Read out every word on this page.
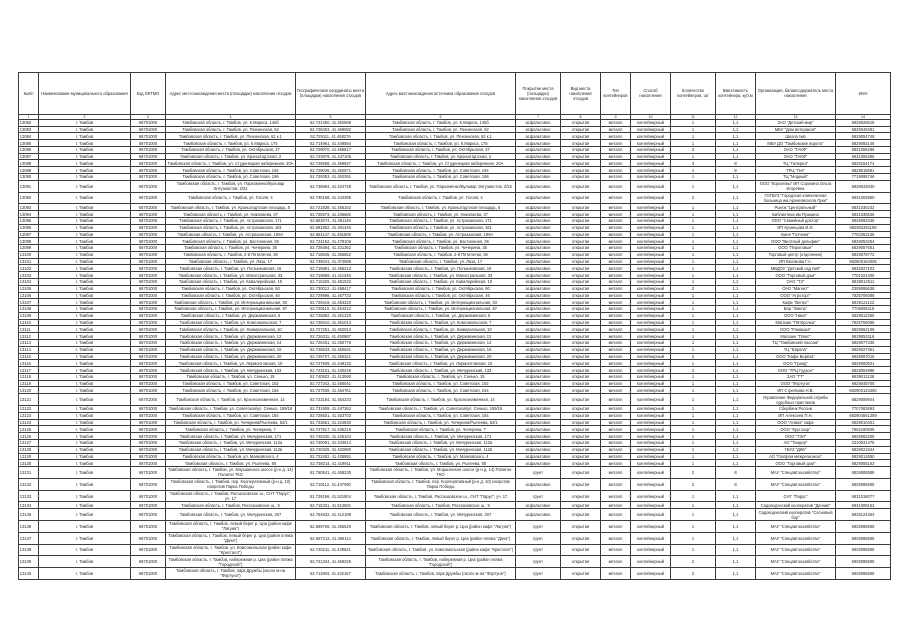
№п/п	Наименование муниципального образования	Код ОКТМО	Адрес местонахождения места (площадки) накопления отходов	Географические координаты места (площадки) накопления отходов	Адрес местонахождения источника образования отходов	Покрытие места (площадки) накопления отходов	Вид места накопления отходов	Тип контейнеров	Способ накопления	Количество контейнеров, шт	Вместимость контейнера, куб.м	Организация, балансодержатель места накопления	ИНН
1	2	3	4	5	6	7	8	9	10	11	12	13	14
13082	г. Тамбов	68701000	Тамбовская область, г. Тамбов, ул. К.Маркса, 145б	52.721350, 41.452688	Тамбовская область, г. Тамбов, ул. К.Маркса, 145б	асфальтовое	открытая	металл	контейнерный	1	1,1	ЗАО "Детский мир"	6829026618
13083	г. Тамбов	68701000	Тамбовская область, г. Тамбов, ул. Пензенская, 62	52.728403, 41.469082	Тамбовская область, г. Тамбов, ул. Пензенская, 62	асфальтовое	открытая	металл	контейнерный	1	1,1	МБУ "Дом ветеранов"	6829049481
13084	г. Тамбов	68701000	Тамбовская область, г. Тамбов, ул. Пензенская, 62 к.1	52.729111, 41.468276	Тамбовская область, г. Тамбов, ул. Пензенская, 62 к.1	асфальтовое	открытая	металл	контейнерный	1	1,1	Школа №5	6829054749
13085	г. Тамбов	68701000	Тамбовская область, г. Тамбов, ул. К.Маркса, 175	52.714961, 41.449584	Тамбовская область, г. Тамбов, ул. К.Маркса, 175	асфальтовое	открытая	металл	контейнерный	1	1,1	МБУ ДО "Тамбовские ворота"	6829092146
13086	г. Тамбов	68701000	Тамбовская область, г. Тамбов, ул. Октябрьская, 27	52.729070, 41.455817	Тамбовская область, г. Тамбов, ул. Октябрьская, 27	асфальтовое	открытая	металл	контейнерный	2	1,1	ОАО "ТАКФ"	6831006296
13087	г. Тамбов	68701000	Тамбовская область, г. Тамбов, ул. Кронштадтская, 2	52.723879, 41.447106	Тамбовская область, г. Тамбов, ул. Кронштадтская, 2	асфальтовое	открытая	металл	контейнерный	1	1,1	ОАО "ТАКФ"	6831006296
13088	г. Тамбов	68701000	Тамбовская область, г. Тамбов, ул. Студенецкая набережная, 20А	52.725588, 41.469947	Тамбовская область, г. Тамбов, ул. Студенецкая набережная, 20А	асфальтовое	открытая	металл	контейнерный	3	8	ТЦ "Галерея"	6829154174
13089	г. Тамбов	68701000	Тамбовская область, г. Тамбов, ул. Советская, 194	52.729036, 41.452671	Тамбовская область, г. Тамбов, ул. Советская, 194	асфальтовое	открытая	металл	контейнерный	1	8	ТРЦ "Гея"	6829015581
13090	г. Тамбов	68701000	Тамбовская область, г. Тамбов, ул. Советская, 196	52.729353, 41.452391	Тамбовская область, г. Тамбов, ул. Советская, 196	асфальтовое	открытая	металл	контейнерный	1	1,1	ТЦ "Модный"	7719095746
13091	г. Тамбов	68701000	Тамбовская область, г. Тамбов, ул. Пархоменко/Бульвар Энтузиастов, 2/22	52.735994, 41.424728	Тамбовская область, г. Тамбов, ул. Пархоменко/Бульвар Энтузиастов, 2/22	асфальтовое	открытая	металл	контейнерный	1	1,1	ООО "Королевы" ИП Сорокина Ольга Игоревна	6829043040
13092	г. Тамбов	68701000	Тамбовская область, г. Тамбов, ул. Гоголя, 4	52.730168, 41.443395	Тамбовская область, г. Тамбов, ул. Гоголя, 4	асфальтовое	открытая	металл	контейнерный	2	1,1	ГОГБУЗ "Городская клиническая больница им.Архиепископа Луки"	6831002950
13093	г. Тамбов	68701000	Тамбовская область, г. Тамбов, ул. Кронштадтская площадь, 5	52.721838, 41.455162	Тамбовская область, г. Тамбов, ул. Кронштадтская площадь, 5	асфальтовое	открытая	металл	контейнерный	1	1,1	Рынок "Центральный"	6831035232
13094	г. Тамбов	68701000	Тамбовская область, г. Тамбов, ул. Николаева, 37	52.725973, 41.436682	Тамбовская область, г. Тамбов, ул. Николаева, 37	асфальтовое	открытая	металл	контейнерный	1	1,1	Библиотека им.Пушкина	6831036536
13095	г. Тамбов	68701000	Тамбовская область, г. Тамбов, ул. Астраханская, 171	52.683074, 41.481149	Тамбовская область, г. Тамбов, ул. Астраханская, 171	асфальтовое	открытая	металл	контейнерный	1	1,1	ООО "Семейный доктор"	6829092345
13096	г. Тамбов	68701000	Тамбовская область, г. Тамбов, ул. Астраханская, 181	52.681852, 41.481345	Тамбовская область, г. Тамбов, ул. Астраханская, 181	асфальтовое	открытая	металл	контейнерный	1	1,1	ИП Кузнецова И.И.	682803391199
13097	г. Тамбов	68701000	Тамбовская область, г. Тамбов, ул. Астраханская, 189А	52.681147, 41.481609	Тамбовская область, г. Тамбов, ул. Астраханская, 189А	асфальтовое	открытая	металл	контейнерный	1	1,1	Баня "Гатчина"	7702352135
13098	г. Тамбов	68701000	Тамбовская область, г. Тамбов, ул. Бастионная, 36	52.724152, 41.479106	Тамбовская область, г. Тамбов, ул. Бастионная, 36	асфальтовое	открытая	металл	контейнерный	1	1,1	ООО "Весёлый дельфин"	6829052254
13099	г. Тамбов	68701000	Тамбовская область, г. Тамбов, ул. Чичерина, 35	52.728494, 41.431362	Тамбовская область, г. Тамбов, ул. Чичерина, 35	асфальтовое	открытая	металл	контейнерный	1	1,1	ООО "Пироговые"	6829057651
13100	г. Тамбов	68701000	Тамбовская область, г. Тамбов, 2-й Пятилетки, 36	52.718645, 41.366652	Тамбовская область, г. Тамбов, 2-й Пятилетки, 36	асфальтовое	открытая	металл	контейнерный	1	1,1	Торговый центр (отделение)	6829078772
13101	г. Тамбов	68701000	Тамбовская область, г. Тамбов, ул. Лазо, 17	52.735041, 41.374588	Тамбовская область, г. Тамбов, ул. Лазо, 17	асфальтовое	открытая	металл	контейнерный	1	1,1	ИП Белякова Г.А.	682800164005
13102	г. Тамбов	68701000	Тамбовская область, г. Тамбов, ул. Полынковская, 16	52.715881, 41.466212	Тамбовская область, г. Тамбов, ул. Полынковская, 16	асфальтовое	открытая	металл	контейнерный	1	1,1	МБДОУ "Детский сад №9"	6832027102
13103	г. Тамбов	68701000	Тамбовская область, г. Тамбов, ул. Магистральная, 33	52.719689, 41.411348	Тамбовская область, г. Тамбов, ул. Магистральная, 33	асфальтовое	открытая	металл	контейнерный	1	1,1	ООО "Торговый дом"	7701021405
13104	г. Тамбов	68701000	Тамбовская область, г. Тамбов, ул. Кавалерийская, 10	52.715326, 41.481022	Тамбовская область, г. Тамбов, ул. Кавалерийская, 10	асфальтовое	открытая	металл	контейнерный	1	1,1	ОАО "ТЗ"	6829012511
13105	г. Тамбов	68701000	Тамбовская область, г. Тамбов, ул. Октябрьская, 50	52.730012, 41.458417	Тамбовская область, г. Тамбов, ул. Октябрьская, 50	асфальтовое	открытая	металл	контейнерный	2	1,1	ОАО "Магнит"	2309085638
13106	г. Тамбов	68701000	Тамбовская область, г. Тамбов, ул. Октябрьская, 46	52.729898, 41.457733	Тамбовская область, г. Тамбов, ул. Октябрьская, 46	асфальтовое	открытая	металл	контейнерный	1	1,1	ООО "Агроторг"	7825706086
13107	г. Тамбов	68701000	Тамбовская область, г. Тамбов, ул. Интернациональная, 93	52.729419, 41.453320	Тамбовская область, г. Тамбов, ул. Интернациональная, 93	асфальтовое	открытая	металл	контейнерный	1	1,1	Кафе "Велес"	6829121122
13108	г. Тамбов	68701000	Тамбовская область, г. Тамбов, ул. Интернациональная, 87	52.729110, 41.454212	Тамбовская область, г. Тамбов, ул. Интернациональная, 87	асфальтовое	открытая	металл	контейнерный	1	1,1	Бар "Хмель"	7706095115
13109	г. Тамбов	68701000	Тамбовская область, г. Тамбов, ул. Державинская, 5	52.725882, 41.451220	Тамбовская область, г. Тамбов, ул. Державинская, 5	асфальтовое	открытая	металл	контейнерный	1	1,1	ООО "Ника"	6829012356
13110	г. Тамбов	68701000	Тамбовская область, г. Тамбов, ул. Комсомольская, 7	52.728410, 41.451013	Тамбовская область, г. Тамбов, ул. Комсомольская, 7	асфальтовое	открытая	металл	контейнерный	1	1,1	Магазин "Пятёрочка"	7825706086
13111	г. Тамбов	68701000	Тамбовская область, г. Тамбов, ул. Коммунальная, 10	52.727251, 41.452012	Тамбовская область, г. Тамбов, ул. Коммунальная, 10	асфальтовое	открытая	металл	контейнерный	1	1,1	ООО "Ромашка"	6829062108
13112	г. Тамбов	68701000	Тамбовская область, г. Тамбов, ул. Державинская, 12	52.726311, 41.450987	Тамбовская область, г. Тамбов, ул. Державинская, 12	асфальтовое	открытая	металл	контейнерный	1	1,1	Магазин "Плюс"	6829053116
13113	г. Тамбов	68701000	Тамбовская область, г. Тамбов, ул. Державинская, 14	52.726431, 41.450776	Тамбовская область, г. Тамбов, ул. Державинская, 14	асфальтовое	открытая	металл	контейнерный	1	1,1	ТЦ "Тамбовский пассаж"	6829077335
13114	г. Тамбов	68701000	Тамбовская область, г. Тамбов, ул. Державинская, 16	52.726533, 41.450631	Тамбовская область, г. Тамбов, ул. Державинская, 16	асфальтовое	открытая	металл	контейнерный	1	1,1	ТЦ "Европа"	6829027361
13115	г. Тамбов	68701000	Тамбовская область, г. Тамбов, ул. Державинская, 20	52.726707, 41.450321	Тамбовская область, г. Тамбов, ул. Державинская, 20	асфальтовое	открытая	металл	контейнерный	2	1,1	ООО "Кафе Берёза"	6829097016
13116	г. Тамбов	68701000	Тамбовская область, г. Тамбов, ул. Лермонтовская, 10	52.727509, 41.449132	Тамбовская область, г. Тамбов, ул. Лермонтовская, 10	асфальтовое	открытая	металл	контейнерный	1	1,1	ООО "Гранд"	6829000631
13117	г. Тамбов	68701000	Тамбовская область, г. Тамбов, ул. Мичуринская, 133	52.743101, 41.430245	Тамбовская область, г. Тамбов, ул. Мичуринская, 133	асфальтовое	открытая	металл	контейнерный	2	1,1	ООО "ТРЦ Гудзон"	6829054998
13118	г. Тамбов	68701000	Тамбовская область, г. Тамбов, ул. Сенько, 15	52.740822, 41.413590	Тамбовская область, г. Тамбов, ул. Сенько, 15	асфальтовое	открытая	металл	контейнерный	1	1,1	ЗАО "ГТ"	6829011139
13119	г. Тамбов	68701000	Тамбовская область, г. Тамбов, ул. Советская, 152	52.727342, 41.455041	Тамбовская область, г. Тамбов, ул. Советская, 152	асфальтовое	открытая	металл	контейнерный	1	1,1	ООО "Фортуна"	6829048705
13120	г. Тамбов	68701000	Тамбовская область, г. Тамбов, ул. Советская, 154	52.727536, 41.454761	Тамбовская область, г. Тамбов, ул. Советская, 154	асфальтовое	открытая	металл	контейнерный	1	1,1	ИП Стрелкова Н.В.	682900123460
13121	г. Тамбов	68701000	Тамбовская область, г. Тамбов, ул. Краснознаменная, 14	52.723184, 41.454233	Тамбовская область, г. Тамбов, ул. Краснознаменная, 14	асфальтовое	открытая	металл	контейнерный	1	1,1	Управление Федеральной службы судебных приставов	6829009944
13122	г. Тамбов	68701000	Тамбовская область, г. Тамбов, ул. Советская/ул. Сенько, 189/18	52.731909, 41.447362	Тамбовская область, г. Тамбов, ул. Советская/ул. Сенько, 189/18	асфальтовое	открытая	металл	контейнерный	1	1,1	Сбербанк России	7707083893
13123	г. Тамбов	68701000	Тамбовская область, г. Тамбов, ул. Советская, 184	52.728501, 41.453702	Тамбовская область, г. Тамбов, ул. Советская, 184	асфальтовое	открытая	металл	контейнерный	1	1,1	ИП Алексеев П.Н.	682904561289
13124	г. Тамбов	68701000	Тамбовская область, г. Тамбов, ул. Чичерина/Рылеева, 52/1	52.733661, 41.424830	Тамбовская область, г. Тамбов, ул. Чичерина/Рылеева, 52/1	асфальтовое	открытая	металл	контейнерный	1	1,1	ООО "Алмаз" кафе	6829010401
13125	г. Тамбов	68701000	Тамбовская область, г. Тамбов, ул. Чичерина, 7	52.727917, 41.435219	Тамбовская область, г. Тамбов, ул. Чичерина, 7	асфальтовое	открытая	металл	контейнерный	1	1,1	ООО "Кругозор"	7802190505
13126	г. Тамбов	68701000	Тамбовская область, г. Тамбов, ул. Мичуринская, 171	52.745330, 41.425104	Тамбовская область, г. Тамбов, ул. Мичуринская, 171	асфальтовое	открытая	металл	контейнерный	1	1,1	ООО "ТЭЛ"	6829082208
13127	г. Тамбов	68701000	Тамбовская область, г. Тамбов, ул. Мичуринская, 112а	52.740091, 41.433514	Тамбовская область, г. Тамбов, ул. Мичуринская, 112а	асфальтовое	открытая	металл	контейнерный	1	1,1	АО "Тандер"	2310031475
13128	г. Тамбов	68701000	Тамбовская область, г. Тамбов, ул. Мичуринская, 112в	52.740325, 41.432880	Тамбовская область, г. Тамбов, ул. Мичуринская, 112в	асфальтовое	открытая	металл	контейнерный	1	1,1	ГБУЗ "ДКБ"	6829021944
13129	г. Тамбов	68701000	Тамбовская область, г. Тамбов, ул. Маяковского, 4	52.722402, 41.435891	Тамбовская область, г. Тамбов, ул. Маяковского, 4	асфальтовое	открытая	металл	контейнерный	1	1,1	АО "Газпром межрегионгаз"	6829012680
13130	г. Тамбов	68701000	Тамбовская область, г. Тамбов, ул. Рылеева, 80	52.738214, 41.419911	Тамбовская область, г. Тамбов, ул. Рылеева, 80	асфальтовое	открытая	металл	контейнерный	1	1,1	ООО "Торговый дом"	6829055163
13131	г. Тамбов	68701000	Тамбовская область, г. Тамбов, ул. Моршанское шоссе (р-н д. 14) Полигон ТКО	52.760541, 41.468230	Тамбовская область, г. Тамбов, ул. Моршанское шоссе (р-н д. 14) Полигон ТКО	грунт	открытая	металл	контейнерный	2	8	МАУ "Спецавтохозяйство"	6829085588
13132	г. Тамбов	68701000	Тамбовская область, г. Тамбов, пер. Кооперативный (р-н д. 10) напротив Парка Победы	52.719112, 41.437090	Тамбовская область, г. Тамбов, пер. Кооперативный (р-н д. 10) напротив Парка Победы	асфальтовое	открытая	металл	контейнерный	2	8	МАУ "Спецавтохозяйство"	6829085588
13133	г. Тамбов	68701000	Тамбовская область, г. Тамбов, Рассказовское ш., СНТ "Парус", уч. 17	52.729196, 41.521804	Тамбовская область, г. Тамбов, Рассказовское ш., СНТ "Парус", уч. 17	грунт	открытая	металл	контейнерный	1	1,1	СНТ "Парус"	6831018077
13134	г. Тамбов	68701000	Тамбовская область, г. Тамбов, Рассказовское ш., 9	52.715331, 41.512581	Тамбовская область, г. Тамбов, Рассказовское ш., 9	асфальтовое	открытая	металл	контейнерный	1	1,1	Садоводческий кооператив "Дачник"	6831005152
13135	г. Тамбов	68701000	Тамбовская область, г. Тамбов, ул. Мичуринская, 207	52.754832, 41.412188	Тамбовская область, г. Тамбов, ул. Мичуринская, 207	асфальтовое	открытая	металл	контейнерный	1	1,1	Садоводческий кооператив "Сосновый бор"	6829124363
13136	г. Тамбов	68701000	Тамбовская область, г. Тамбов, левый берег р. Цна (район кафе "Лагуна")	52.699765, 41.465520	Тамбовская область, г. Тамбов, левый берег р. Цна (район кафе "Лагуна")	грунт	открытая	металл	контейнерный	1	1,1	МАУ "Спецавтохозяйство"	6829085588
13137	г. Тамбов	68701000	Тамбовская область, г. Тамбов, левый берег р. Цна (район пляжа "Дача")	52.697213, 41.466114	Тамбовская область, г. Тамбов, левый берег р. Цна (район пляжа "Дача")	грунт	открытая	металл	контейнерный	1	1,1	МАУ "Спецавтохозяйство"	6829085588
13138	г. Тамбов	68701000	Тамбовская область, г. Тамбов, ул. Комсомольская (район кафе "Кристалл")	52.720211, 41.439521	Тамбовская область, г. Тамбов, ул. Комсомольская (район кафе "Кристалл")	грунт	открытая	металл	контейнерный	1	1,1	МАУ "Спецавтохозяйство"	6829085588
13139	г. Тамбов	68701000	Тамбовская область, г. Тамбов, набережная р. Цна (район пляжа "Городской")	52.721334, 41.469225	Тамбовская область, г. Тамбов, набережная р. Цна (район пляжа "Городской")	грунт	открытая	металл	контейнерный	2	1,1	МАУ "Спецавтохозяйство"	6829085588
13140	г. Тамбов	68701000	Тамбовская область, г. Тамбов, парк Дружбы (около м-на "Фортуна")	52.711903, 41.432167	Тамбовская область, г. Тамбов, парк Дружбы (около м-на "Фортуна")	грунт	открытая	металл	контейнерный	2	1,1	МАУ "Спецавтохозяйство"	6829085588
